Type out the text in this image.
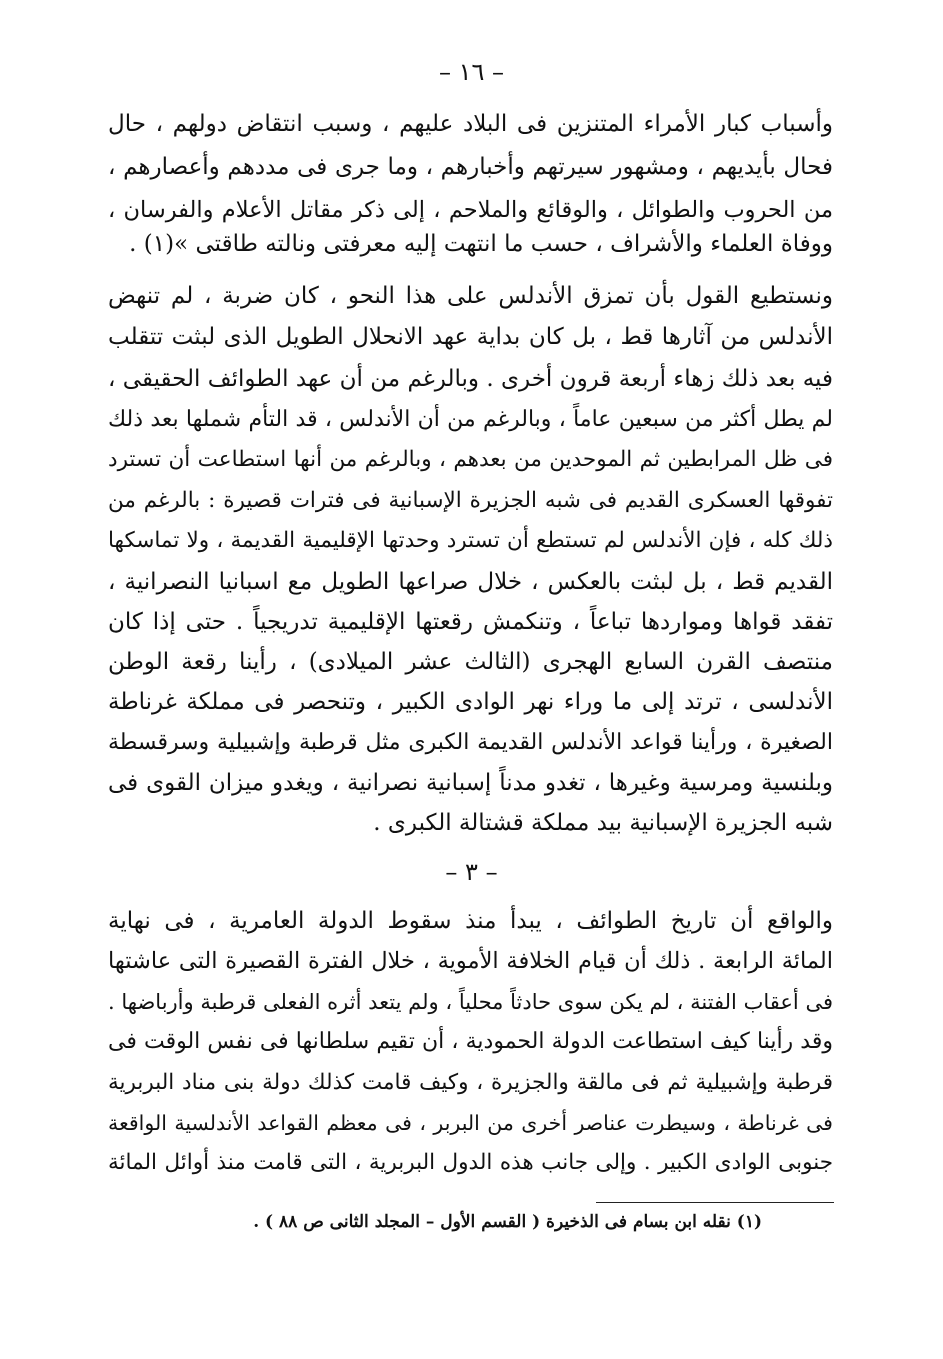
– ١٦ –
وأسباب كبار الأمراء المتنزين فى البلاد عليهم ، وسبب انتقاض دولهم ، حال
فحال بأيديهم ، ومشهور سيرتهم وأخبارهم ، وما جرى فى مددهم وأعصارهم ،
من الحروب والطوائل ، والوقائع والملاحم ، إلى ذكر مقاتل الأعلام والفرسان ،
ووفاة العلماء والأشراف ، حسب ما انتهت إليه معرفتى ونالته طاقتى »(١) .
ونستطيع القول بأن تمزق الأندلس على هذا النحو ، كان ضربة ، لم تنهض
الأندلس من آثارها قط ، بل كان بداية عهد الانحلال الطويل الذى لبثت تتقلب
فيه بعد ذلك زهاء أربعة قرون أخرى . وبالرغم من أن عهد الطوائف الحقيقى ،
لم يطل أكثر من سبعين عاماً ، وبالرغم من أن الأندلس ، قد التأم شملها بعد ذلك
فى ظل المرابطين ثم الموحدين من بعدهم ، وبالرغم من أنها استطاعت أن تسترد
تفوقها العسكرى القديم فى شبه الجزيرة الإسبانية فى فترات قصيرة : بالرغم من
ذلك كله ، فإن الأندلس لم تستطع أن تسترد وحدتها الإقليمية القديمة ، ولا تماسكها
القديم قط ، بل لبثت بالعكس ، خلال صراعها الطويل مع اسبانيا النصرانية ،
تفقد قواها ومواردها تباعاً ، وتنكمش رقعتها الإقليمية تدريجياً . حتى إذا كان
منتصف القرن السابع الهجرى (الثالث عشر الميلادى) ، رأينا رقعة الوطن
الأندلسى ، ترتد إلى ما وراء نهر الوادى الكبير ، وتنحصر فى مملكة غرناطة
الصغيرة ، ورأينا قواعد الأندلس القديمة الكبرى مثل قرطبة وإشبيلية وسرقسطة
وبلنسية ومرسية وغيرها ، تغدو مدناً إسبانية نصرانية ، ويغدو ميزان القوى فى
شبه الجزيرة الإسبانية بيد مملكة قشتالة الكبرى .
– ٣ –
والواقع أن تاريخ الطوائف ، يبدأ منذ سقوط الدولة العامرية ، فى نهاية
المائة الرابعة . ذلك أن قيام الخلافة الأموية ، خلال الفترة القصيرة التى عاشتها
فى أعقاب الفتنة ، لم يكن سوى حادثاً محلياً ، ولم يتعد أثره الفعلى قرطبة وأرباضها .
وقد رأينا كيف استطاعت الدولة الحمودية ، أن تقيم سلطانها فى نفس الوقت فى
قرطبة وإشبيلية ثم فى مالقة والجزيرة ، وكيف قامت كذلك دولة بنى مناد البربرية
فى غرناطة ، وسيطرت عناصر أخرى من البربر ، فى معظم القواعد الأندلسية الواقعة
جنوبى الوادى الكبير . وإلى جانب هذه الدول البربرية ، التى قامت منذ أوائل المائة
(١) نقله ابن بسام فى الذخيرة ( القسم الأول – المجلد الثانى ص ٨٨ ) .
